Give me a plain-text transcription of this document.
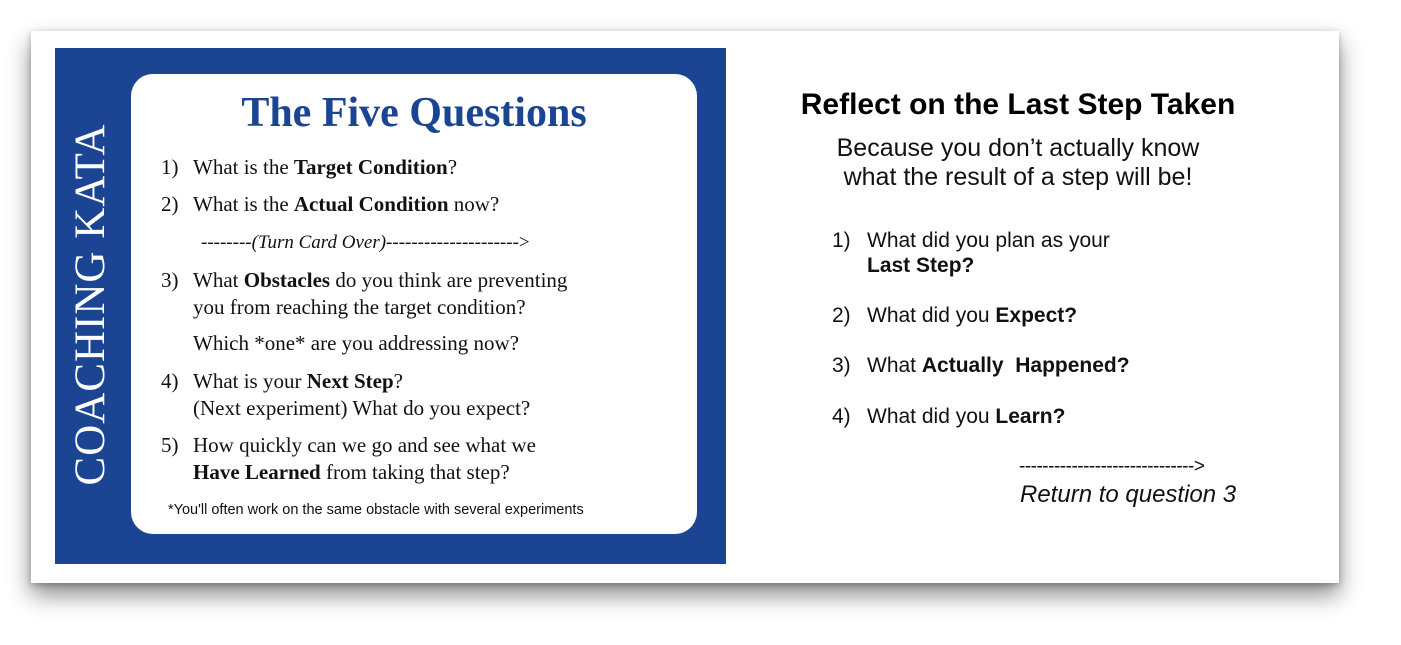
COACHING KATA
The Five Questions
1) What is the Target Condition?
2) What is the Actual Condition now?
--------(Turn Card Over)--------------------->
3) What Obstacles do you think are preventing
you from reaching the target condition?
Which *one* are you addressing now?
4) What is your Next Step?
(Next experiment) What do you expect?
5) How quickly can we go and see what we
Have Learned from taking that step?
*You'll often work on the same obstacle with several experiments
Reflect on the Last Step Taken
Because you don’t actually know
what the result of a step will be!
1) What did you plan as your
Last Step?
2) What did you Expect?
3) What Actually  Happened?
4) What did you Learn?
------------------------------>
Return to question 3
